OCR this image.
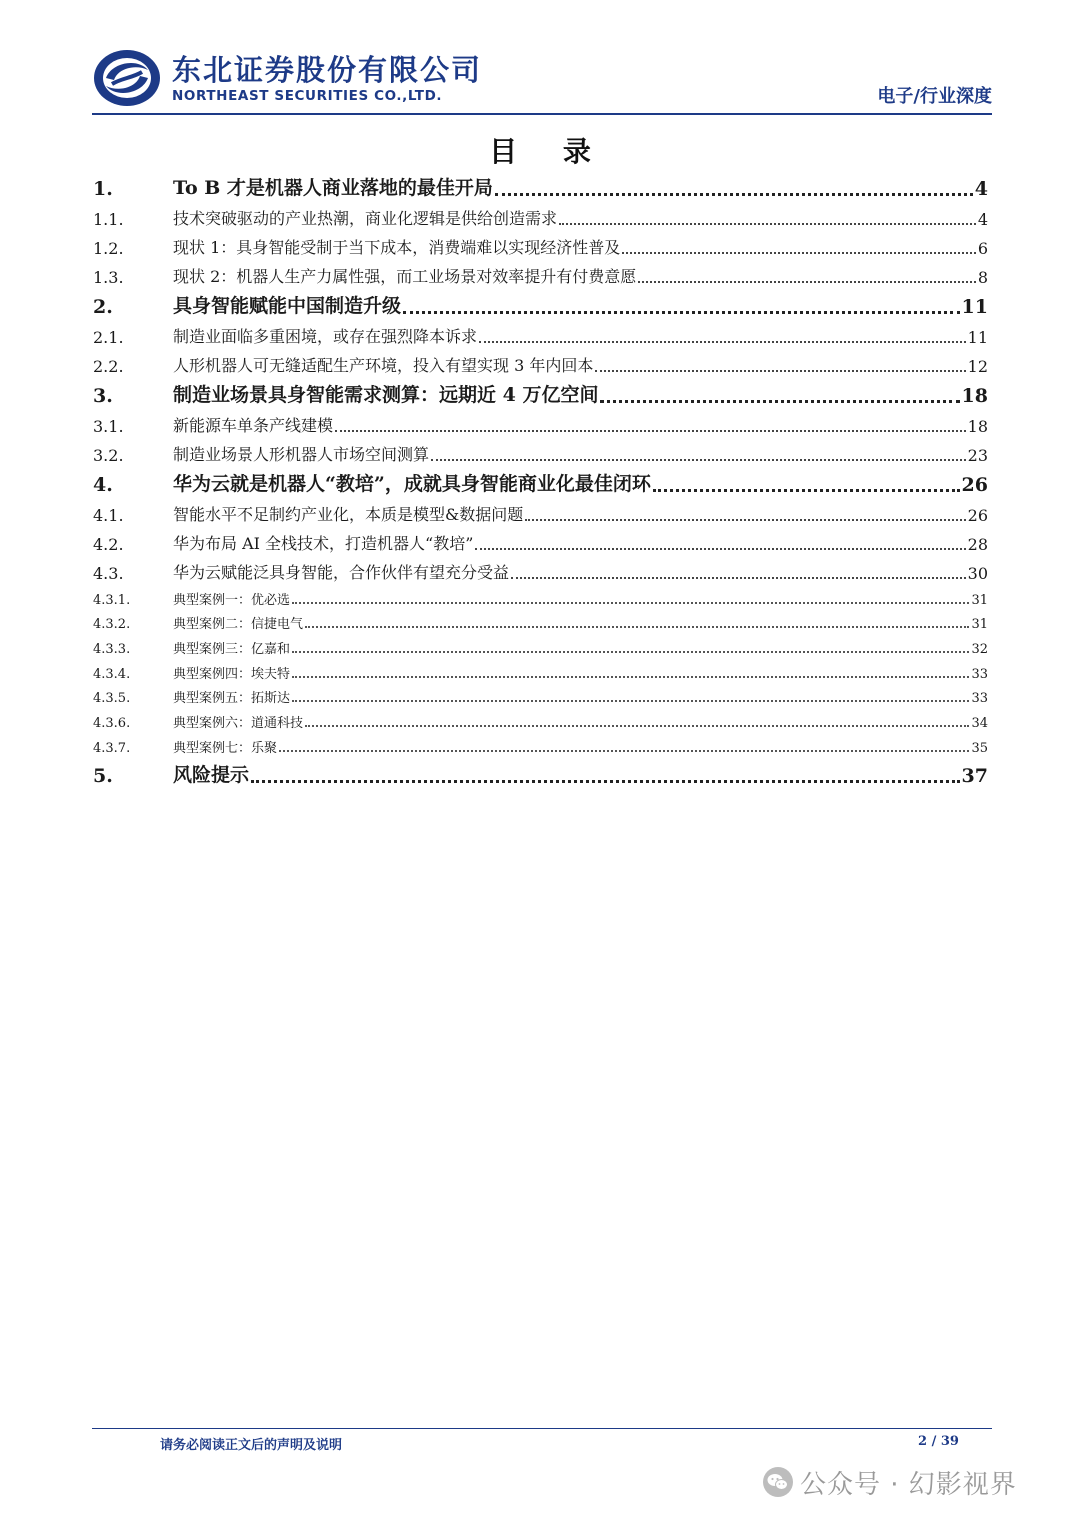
东北证券股份有限公司
NORTHEAST SECURITIES CO.,LTD.	电子/行业深度
目 录
1.	To B 才是机器人商业落地的最佳开局	4
1.1.	技术突破驱动的产业热潮，商业化逻辑是供给创造需求	4
1.2.	现状 1：具身智能受制于当下成本，消费端难以实现经济性普及	6
1.3.	现状 2：机器人生产力属性强，而工业场景对效率提升有付费意愿	8
2.	具身智能赋能中国制造升级	11
2.1.	制造业面临多重困境，或存在强烈降本诉求	11
2.2.	人形机器人可无缝适配生产环境，投入有望实现 3 年内回本	12
3.	制造业场景具身智能需求测算：远期近 4 万亿空间	18
3.1.	新能源车单条产线建模	18
3.2.	制造业场景人形机器人市场空间测算	23
4.	华为云就是机器人“教培”，成就具身智能商业化最佳闭环	26
4.1.	智能水平不足制约产业化，本质是模型&数据问题	26
4.2.	华为布局 AI 全栈技术，打造机器人“教培”	28
4.3.	华为云赋能泛具身智能，合作伙伴有望充分受益	30
4.3.1.	典型案例一：优必选	31
4.3.2.	典型案例二：信捷电气	31
4.3.3.	典型案例三：亿嘉和	32
4.3.4.	典型案例四：埃夫特	33
4.3.5.	典型案例五：拓斯达	33
4.3.6.	典型案例六：道通科技	34
4.3.7.	典型案例七：乐聚	35
5.	风险提示	37
请务必阅读正文后的声明及说明	2 / 39
公众号 · 幻影视界
